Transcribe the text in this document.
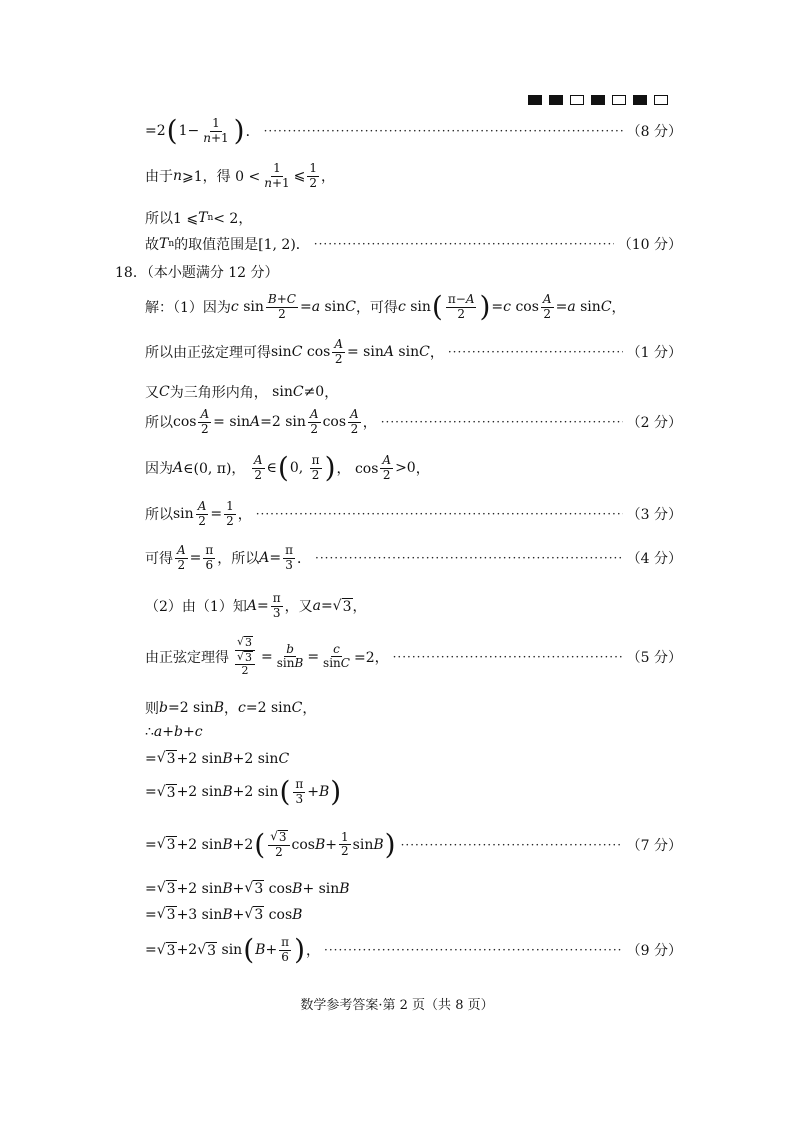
=2 ( $1- \frac{1}{n+1}$ ) ． ·····	（8 分）
由于 n ⩾1，得 $0 < \frac{1}{n+1}$ ⩽ $\frac{1}{2}$ ，
所以1 ⩽ T n < 2，
故 T n 的取值范围是[1, 2)． ·····	（10 分）
18．（本小题满分 12 分）
解：（1）因为 c $\sin \frac{B+C}{2} = a$ sin C ，可得 c sin ( $\frac{\pi-A}{2}$ ) = c $\cos \frac{A}{2} = a$ sin C ，
所以由正弦定理可得 sin C $\cos \frac{A}{2} = \sin A$ sin C ， ·····	（1 分）
又 C 为三角形内角， sin C ≠0 ，
所以 $\cos \frac{A}{2} = \sin A =2$ $\sin \frac{A}{2}$ $\cos \frac{A}{2}$ ， ·····	（2 分）
因为 A ∈(0, π)， $\frac{A}{2}$ ∈ ( 0, $\frac{\pi}{2}$ ) ， $\cos \frac{A}{2} >0$ ，
所以 $\sin \frac{A}{2} = \frac{1}{2}$ ， ·····	（3 分）
可得 $\frac{A}{2} = \frac{\pi}{6}$ ，所以 $A = \frac{\pi}{3}$ ． ·····	（4 分）
（2）由（1）知 $A = \frac{\pi}{3}$ ，又 a = √ 3 ，
由正弦定理得 $\frac{√ 3}{\frac{√ 3}{2}} = \frac{b}{\sin B} = \frac{c}{\sin C} =2$， ·····	（5 分）
则 b =2 sin B ， c =2 sin C ，
∴ a + b + c
= √ 3 +2 sin B +2 sin C
= √ 3 +2 sin B +2 sin ( $\frac{\pi}{3} + B$ )
= √ 3 +2 sin B +2 ( $\frac{√ 3}{2}$ $\cos B + \frac{1}{2}$ sin B ) ·····	（7 分）
= √ 3 +2 sin B + √ 3 cos B + sin B
= √ 3 +3 sin B + √ 3 cos B
= √ 3 +2 √ 3 sin ( $B + \frac{\pi}{6}$ ) ， ·····	（9 分）
数学参考答案·第 2 页（共 8 页）
